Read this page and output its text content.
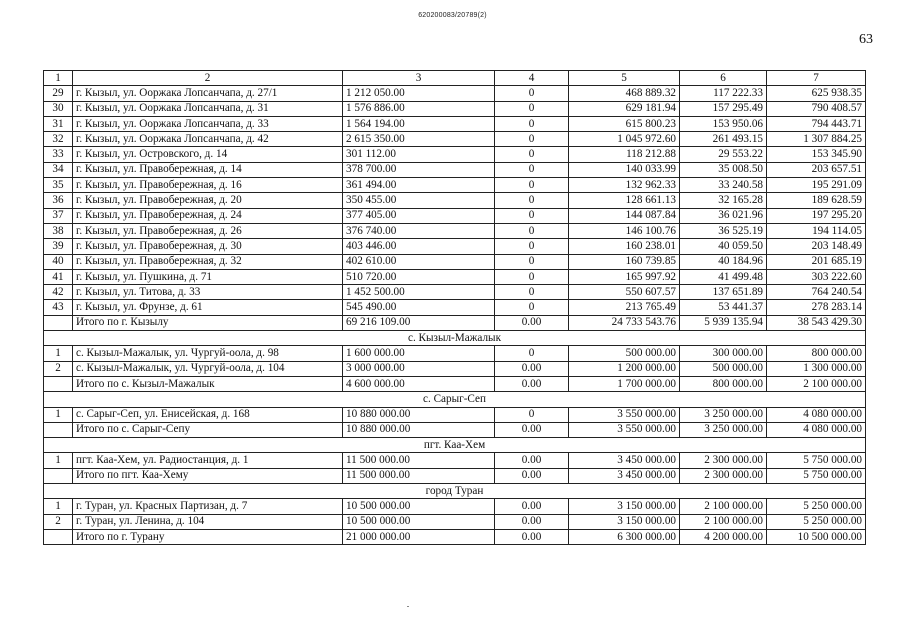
620200083/20789(2)
63
1	2	3	4	5	6	7
29	г. Кызыл, ул. Ооржака Лопсанчапа, д. 27/1	1 212 050.00	0	468 889.32	117 222.33	625 938.35
30	г. Кызыл, ул. Ооржака Лопсанчапа, д. 31	1 576 886.00	0	629 181.94	157 295.49	790 408.57
31	г. Кызыл, ул. Ооржака Лопсанчапа, д. 33	1 564 194.00	0	615 800.23	153 950.06	794 443.71
32	г. Кызыл, ул. Ооржака Лопсанчапа, д. 42	2 615 350.00	0	1 045 972.60	261 493.15	1 307 884.25
33	г. Кызыл, ул. Островского, д. 14	301 112.00	0	118 212.88	29 553.22	153 345.90
34	г. Кызыл, ул. Правобережная, д. 14	378 700.00	0	140 033.99	35 008.50	203 657.51
35	г. Кызыл, ул. Правобережная, д. 16	361 494.00	0	132 962.33	33 240.58	195 291.09
36	г. Кызыл, ул. Правобережная, д. 20	350 455.00	0	128 661.13	32 165.28	189 628.59
37	г. Кызыл, ул. Правобережная, д. 24	377 405.00	0	144 087.84	36 021.96	197 295.20
38	г. Кызыл, ул. Правобережная, д. 26	376 740.00	0	146 100.76	36 525.19	194 114.05
39	г. Кызыл, ул. Правобережная, д. 30	403 446.00	0	160 238.01	40 059.50	203 148.49
40	г. Кызыл, ул. Правобережная, д. 32	402 610.00	0	160 739.85	40 184.96	201 685.19
41	г. Кызыл, ул. Пушкина, д. 71	510 720.00	0	165 997.92	41 499.48	303 222.60
42	г. Кызыл, ул. Титова, д. 33	1 452 500.00	0	550 607.57	137 651.89	764 240.54
43	г. Кызыл, ул. Фрунзе, д. 61	545 490.00	0	213 765.49	53 441.37	278 283.14
	Итого по г. Кызылу	69 216 109.00	0.00	24 733 543.76	5 939 135.94	38 543 429.30
с. Кызыл-Мажалык						
1	с. Кызыл-Мажалык, ул. Чургуй-оола, д. 98	1 600 000.00	0	500 000.00	300 000.00	800 000.00
2	с. Кызыл-Мажалык, ул. Чургуй-оола, д. 104	3 000 000.00	0.00	1 200 000.00	500 000.00	1 300 000.00
	Итого по с. Кызыл-Мажалык	4 600 000.00	0.00	1 700 000.00	800 000.00	2 100 000.00
с. Сарыг-Сеп						
1	с. Сарыг-Сеп, ул. Енисейская, д. 168	10 880 000.00	0	3 550 000.00	3 250 000.00	4 080 000.00
	Итого по с. Сарыг-Сепу	10 880 000.00	0.00	3 550 000.00	3 250 000.00	4 080 000.00
пгт. Каа-Хем						
1	пгт. Каа-Хем, ул. Радиостанция, д. 1	11 500 000.00	0.00	3 450 000.00	2 300 000.00	5 750 000.00
	Итого по пгт. Каа-Хему	11 500 000.00	0.00	3 450 000.00	2 300 000.00	5 750 000.00
город Туран						
1	г. Туран, ул. Красных Партизан, д. 7	10 500 000.00	0.00	3 150 000.00	2 100 000.00	5 250 000.00
2	г. Туран, ул. Ленина, д. 104	10 500 000.00	0.00	3 150 000.00	2 100 000.00	5 250 000.00
	Итого по г. Турану	21 000 000.00	0.00	6 300 000.00	4 200 000.00	10 500 000.00
